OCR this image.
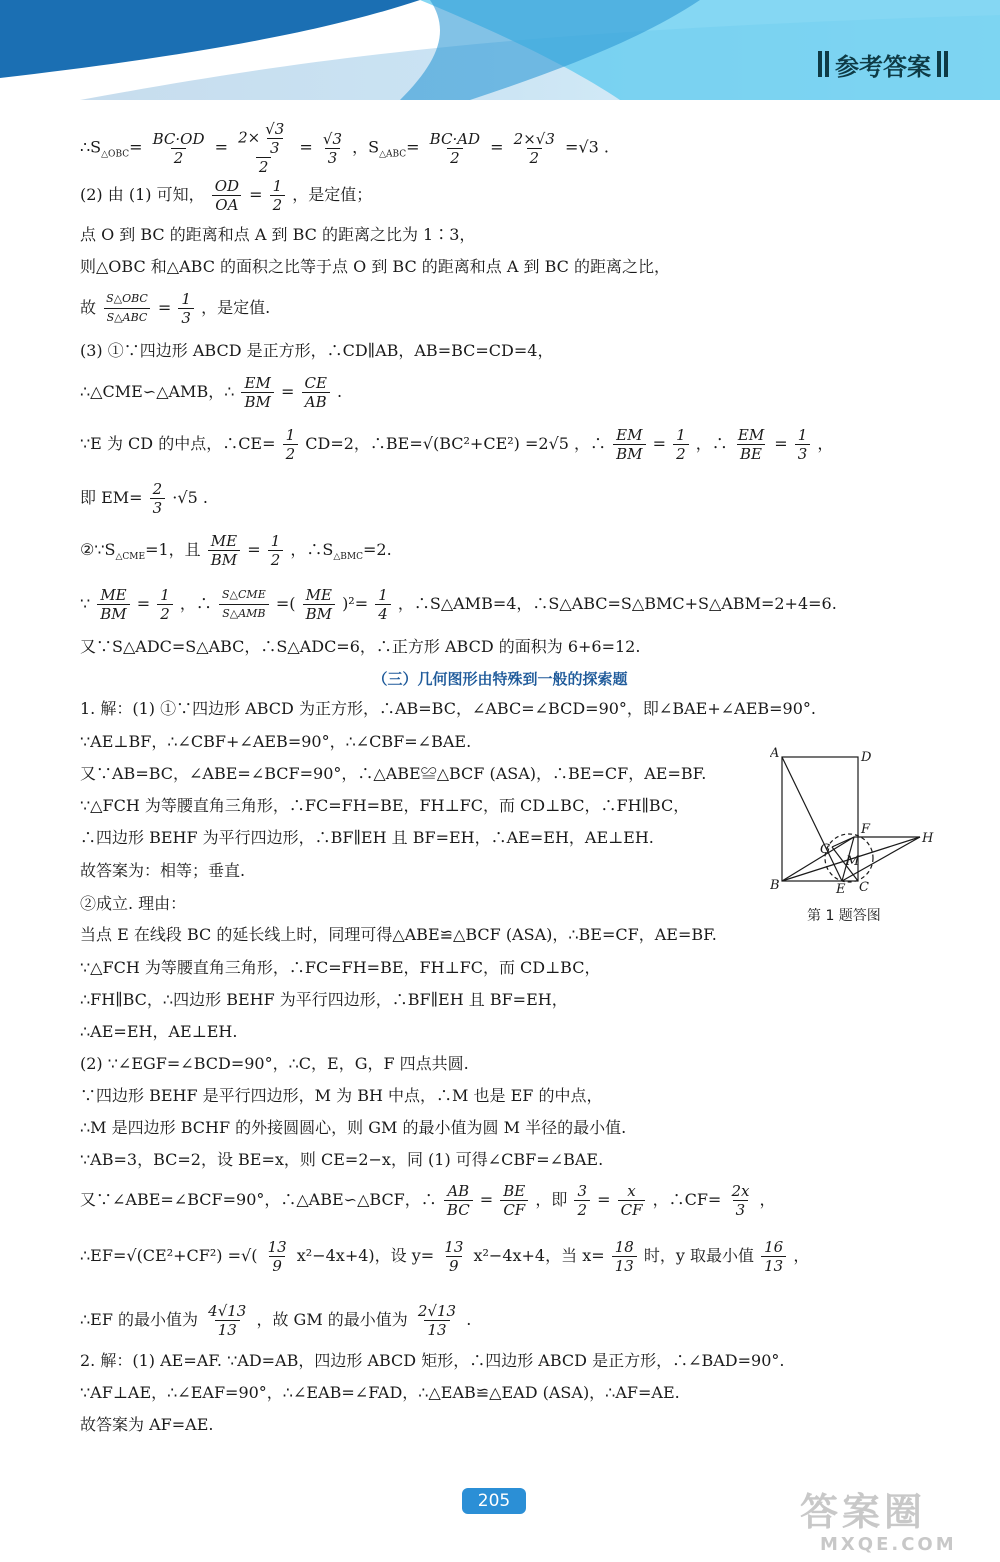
参考答案
$\therefore S_{\triangle OBC}= \frac{BC\cdot OD}{2} = \frac{2\times \frac{√3}{3}}{2} = \frac{√3}{3}$ ，$S_{\triangle ABC}= \frac{BC\cdot AD}{2} = \frac{2\times√3}{2} =√3$ .
(2) 由 (1) 可知， $\frac{OD}{OA} = \frac{1}{2}$ ，是定值；
点 O 到 BC 的距离和点 A 到 BC 的距离之比为 1∶3，
则△OBC 和△ABC 的面积之比等于点 O 到 BC 的距离和点 A 到 BC 的距离之比，
故 $\frac{\text{S△OBC}}{\text{S△ABC}} = \frac{1}{3}$ ，是定值.
(3) ①∵四边形 ABCD 是正方形，∴CD∥AB，AB=BC=CD=4，
∴△CME∽△AMB，∴ $\frac{EM}{BM} = \frac{CE}{AB}$ .
∵E 为 CD 的中点，∴CE= $\frac{1}{2} CD=2$，∴BE=√(BC²+CE²) =2√5 ，∴ $\frac{EM}{BM} = \frac{1}{2}$ ，∴ $\frac{EM}{BE} = \frac{1}{3}$ ，
即 $EM= \frac{2}{3} \cdot√5$ .
$②\because S_{\triangle CME}=1$，且 $\frac{ME}{BM} = \frac{1}{2}$ ，$\therefore S_{\triangle BMC}=2$.
∵ $\frac{ME}{BM} = \frac{1}{2}$ ，∴ $\frac{\text{S△CME}}{\text{S△AMB}}$ =( $\frac{ME}{BM} )^2= \frac{1}{4}$ ，∴S△AMB=4，∴S△ABC=S△BMC+S△ABM=2+4=6.
又∵S△ADC=S△ABC，∴S△ADC=6，∴正方形 ABCD 的面积为 6+6=12.
（三）几何图形由特殊到一般的探索题
1. 解：(1) ①∵四边形 ABCD 为正方形，∴AB=BC，∠ABC=∠BCD=90°，即∠BAE+∠AEB=90°.
∵AE⊥BF，∴∠CBF+∠AEB=90°，∴∠CBF=∠BAE.
又∵AB=BC，∠ABE=∠BCF=90°，∴△ABE≌△BCF (ASA)，∴BE=CF，AE=BF.
∵△FCH 为等腰直角三角形，∴FC=FH=BE，FH⊥FC，而 CD⊥BC，∴FH∥BC，
∴四边形 BEHF 为平行四边形，∴BF∥EH 且 BF=EH，∴AE=EH，AE⊥EH.
故答案为：相等；垂直.
②成立. 理由：
当点 E 在线段 BC 的延长线上时，同理可得△ABE≌△BCF (ASA)，∴BE=CF，AE=BF.
∵△FCH 为等腰直角三角形，∴FC=FH=BE，FH⊥FC，而 CD⊥BC，
∴FH∥BC，∴四边形 BEHF 为平行四边形，∴BF∥EH 且 BF=EH，
∴AE=EH，AE⊥EH.
(2) ∵∠EGF=∠BCD=90°，∴C，E，G，F 四点共圆.
∵四边形 BEHF 是平行四边形，M 为 BH 中点，∴M 也是 EF 的中点，
∴M 是四边形 BCHF 的外接圆圆心，则 GM 的最小值为圆 M 半径的最小值.
∵AB=3，BC=2，设 BE=x，则 CE=2−x，同 (1) 可得∠CBF=∠BAE.
又∵∠ABE=∠BCF=90°，∴△ABE∽△BCF，∴ $\frac{AB}{BC} = \frac{BE}{CF}$ ，即 $\frac{3}{2} = \frac{x}{CF}$ ，∴CF= $\frac{2x}{3}$ ，
∴EF=√(CE²+CF²) =√( $\frac{13}{9} x^2-4x+4$)，设 $y= \frac{13}{9} x^2-4x+4$，当 $x= \frac{18}{13}$ 时，y 取最小值 $\frac{16}{13}$ ，
∴EF 的最小值为 $\frac{4√13}{13}$ ，故 GM 的最小值为 $\frac{2√13}{13}$ .
2. 解：(1) AE=AF. ∵AD=AB，四边形 ABCD 矩形，∴四边形 ABCD 是正方形，∴∠BAD=90°.
∵AF⊥AE，∴∠EAF=90°，∴∠EAB=∠FAD，∴△EAB≌△EAD (ASA)，∴AF=AE.
故答案为 AF=AE.
A	D
B	C
E
F
G
H
M
第 1 题答图
205	答案圈
MXQE.COM
